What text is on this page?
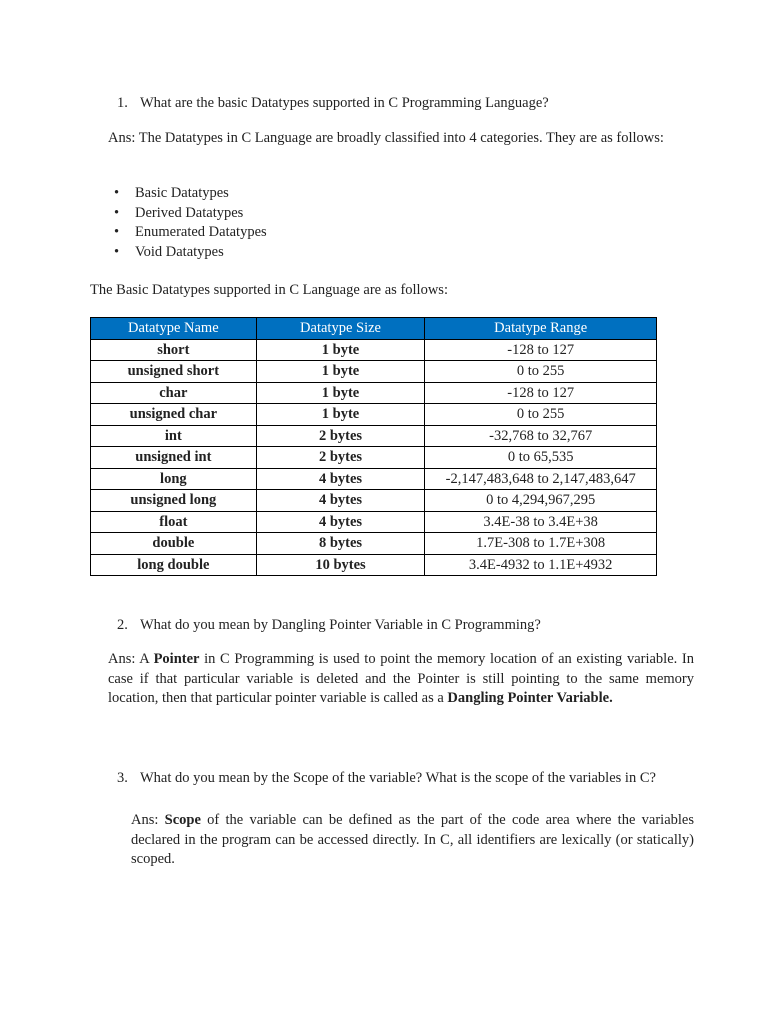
1. What are the basic Datatypes supported in C Programming Language?
Ans: The Datatypes in C Language are broadly classified into 4 categories. They are as follows:
• Basic Datatypes
• Derived Datatypes
• Enumerated Datatypes
• Void Datatypes
The Basic Datatypes supported in C Language are as follows:
Datatype Name	Datatype Size	Datatype Range
short	1 byte	-128 to 127
unsigned short	1 byte	0 to 255
char	1 byte	-128 to 127
unsigned char	1 byte	0 to 255
int	2 bytes	-32,768 to 32,767
unsigned int	2 bytes	0 to 65,535
long	4 bytes	-2,147,483,648 to 2,147,483,647
unsigned long	4 bytes	0 to 4,294,967,295
float	4 bytes	3.4E-38 to 3.4E+38
double	8 bytes	1.7E-308 to 1.7E+308
long double	10 bytes	3.4E-4932 to 1.1E+4932
2. What do you mean by Dangling Pointer Variable in C Programming?
Ans: A Pointer in C Programming is used to point the memory location of an existing variable. In case if that particular variable is deleted and the Pointer is still pointing to the same memory location, then that particular pointer variable is called as a Dangling Pointer Variable.
3. What do you mean by the Scope of the variable? What is the scope of the variables in C?
Ans: Scope of the variable can be defined as the part of the code area where the variables declared in the program can be accessed directly. In C, all identifiers are lexically (or statically) scoped.
